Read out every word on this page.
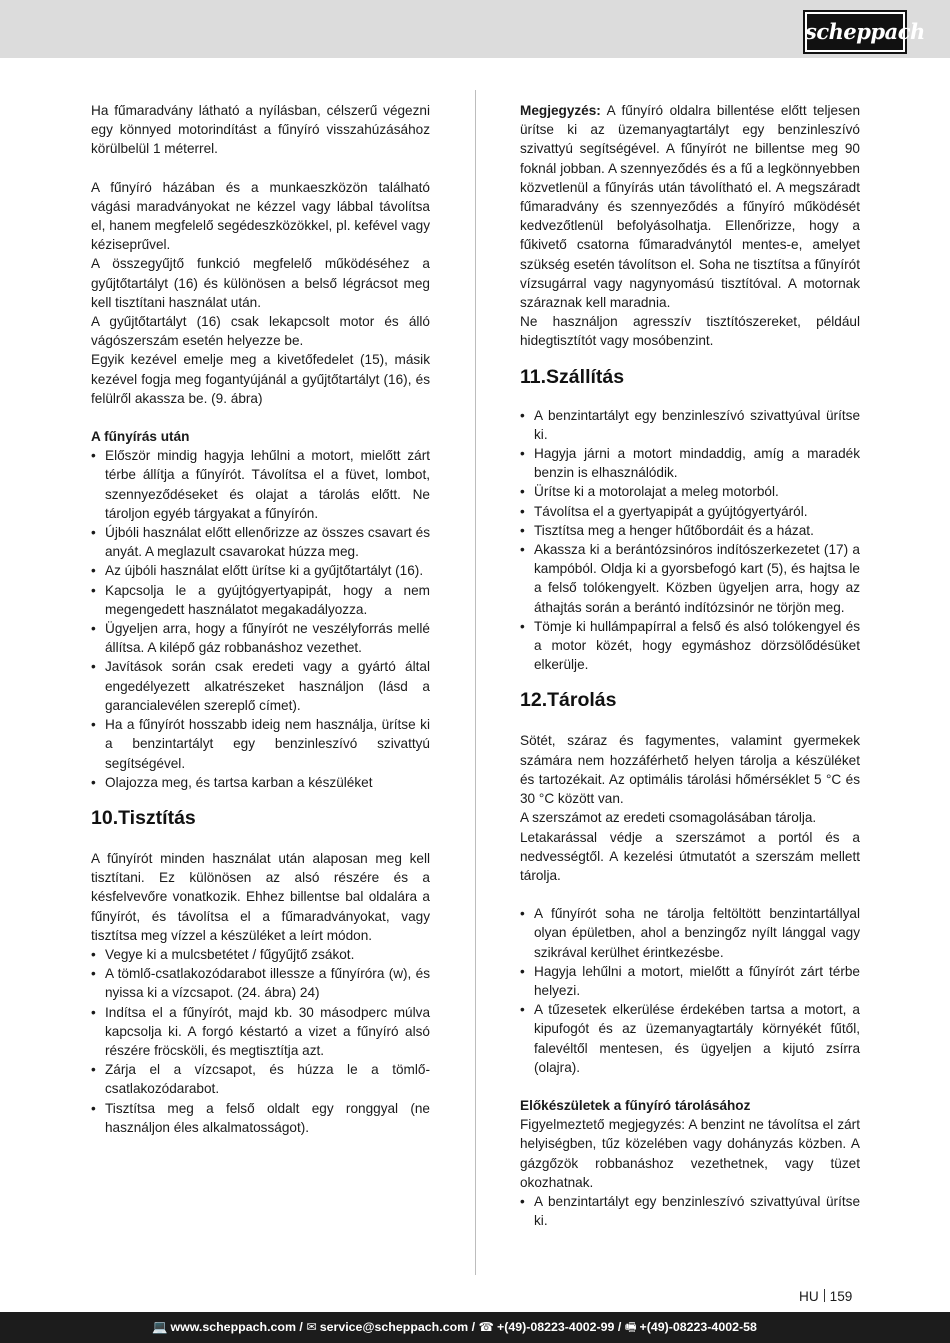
scheppach

Ha fűmaradvány látható a nyílásban, célszerű végezni egy könnyed motorindítást a fűnyíró visszahúzásához körülbelül 1 méterrel.

A fűnyíró házában és a munkaeszközön található vágási maradványokat ne kézzel vagy lábbal távolítsa el, hanem megfelelő segédeszközökkel, pl. kefével vagy kéziseprűvel.

A összegyűjtő funkció megfelelő működéséhez a gyűjtőtartályt (16) és különösen a belső légrácsot meg kell tisztítani használat után.

A gyűjtőtartályt (16) csak lekapcsolt motor és álló vágószerszám esetén helyezze be.

Egyik kezével emelje meg a kivetőfedelet (15), másik kezével fogja meg fogantyújánál a gyűjtőtartályt (16), és felülről akassza be. (9. ábra)

A fűnyírás után

• Először mindig hagyja lehűlni a motort, mielőtt zárt térbe állítja a fűnyírót. Távolítsa el a füvet, lombot, szennyeződéseket és olajat a tárolás előtt. Ne tároljon egyéb tárgyakat a fűnyírón.
• Újbóli használat előtt ellenőrizze az összes csavart és anyát. A meglazult csavarokat húzza meg.
• Az újbóli használat előtt ürítse ki a gyűjtőtartályt (16).
• Kapcsolja le a gyújtógyertyapipát, hogy a nem megengedett használatot megakadályozza.
• Ügyeljen arra, hogy a fűnyírót ne veszélyforrás mellé állítsa. A kilépő gáz robbanáshoz vezethet.
• Javítások során csak eredeti vagy a gyártó által engedélyezett alkatrészeket használjon (lásd a garancialevélen szereplő címet).
• Ha a fűnyírót hosszabb ideig nem használja, ürítse ki a benzintartályt egy benzinleszívó szivattyú segítségével.
• Olajozza meg, és tartsa karban a készüléket
10.Tisztítás

A fűnyírót minden használat után alaposan meg kell tisztítani. Ez különösen az alsó részére és a késfelvevőre vonatkozik. Ehhez billentse bal oldalára a fűnyírót, és távolítsa el a fűmaradványokat, vagy tisztítsa meg vízzel a készüléket a leírt módon.

• Vegye ki a mulcsbetétet / fűgyűjtő zsákot.
• A tömlő-csatlakozódarabot illessze a fűnyíróra (w), és nyissa ki a vízcsapot. (24. ábra) 24)
• Indítsa el a fűnyírót, majd kb. 30 másodperc múlva kapcsolja ki. A forgó késtartó a vizet a fűnyíró alsó részére fröcsköli, és megtisztítja azt.
• Zárja el a vízcsapot, és húzza le a tömlő-csatlakozódarabot.
• Tisztítsa meg a felső oldalt egy ronggyal (ne használjon éles alkalmatosságot).

Megjegyzés: A fűnyíró oldalra billentése előtt teljesen ürítse ki az üzemanyagtartályt egy benzinleszívó szivattyú segítségével. A fűnyírót ne billentse meg 90 foknál jobban. A szennyeződés és a fű a legkönnyebben közvetlenül a fűnyírás után távolítható el. A megszáradt fűmaradvány és szennyeződés a fűnyíró működését kedvezőtlenül befolyásolhatja. Ellenőrizze, hogy a fűkivető csatorna fűmaradványtól mentes-e, amelyet szükség esetén távolítson el. Soha ne tisztítsa a fűnyírót vízsugárral vagy nagynyomású tisztítóval. A motornak száraznak kell maradnia.

Ne használjon agresszív tisztítószereket, például hidegtisztítót vagy mosóbenzint.

11.Szállítás
• A benzintartályt egy benzinleszívó szivattyúval ürítse ki.
• Hagyja járni a motort mindaddig, amíg a maradék benzin is elhasználódik.
• Ürítse ki a motorolajat a meleg motorból.
• Távolítsa el a gyertyapipát a gyújtógyertyáról.
• Tisztítsa meg a henger hűtőbordáit és a házat.
• Akassza ki a berántózsinóros indítószerkezetet (17) a kampóból. Oldja ki a gyorsbefogó kart (5), és hajtsa le a felső tolókengyelt. Közben ügyeljen arra, hogy az áthajtás során a berántó indítózsinór ne törjön meg.
• Tömje ki hullámpapírral a felső és alsó tolókengyel és a motor közét, hogy egymáshoz dörzsölődésüket elkerülje.
12.Tárolás

Sötét, száraz és fagymentes, valamint gyermekek számára nem hozzáférhető helyen tárolja a készüléket és tartozékait. Az optimális tárolási hőmérséklet 5 °C és 30 °C között van.

A szerszámot az eredeti csomagolásában tárolja.

Letakarással védje a szerszámot a portól és a nedvességtől. A kezelési útmutatót a szerszám mellett tárolja.

• A fűnyírót soha ne tárolja feltöltött benzintartállyal olyan épületben, ahol a benzingőz nyílt lánggal vagy szikrával kerülhet érintkezésbe.
• Hagyja lehűlni a motort, mielőtt a fűnyírót zárt térbe helyezi.
• A tűzesetek elkerülése érdekében tartsa a motort, a kipufogót és az üzemanyagtartály környékét fűtől, falevéltől mentesen, és ügyeljen a kijutó zsírra (olajra).

Előkészületek a fűnyíró tárolásához

Figyelmeztető megjegyzés: A benzint ne távolítsa el zárt helyiségben, tűz közelében vagy dohányzás közben. A gázgőzök robbanáshoz vezethetnek, vagy tüzet okozhatnak.

• A benzintartályt egy benzinleszívó szivattyúval ürítse ki.
HU 159
💻 www.scheppach.com / ✉ service@scheppach.com / ☎ +(49)-08223-4002-99 / 🖷 +(49)-08223-4002-58
